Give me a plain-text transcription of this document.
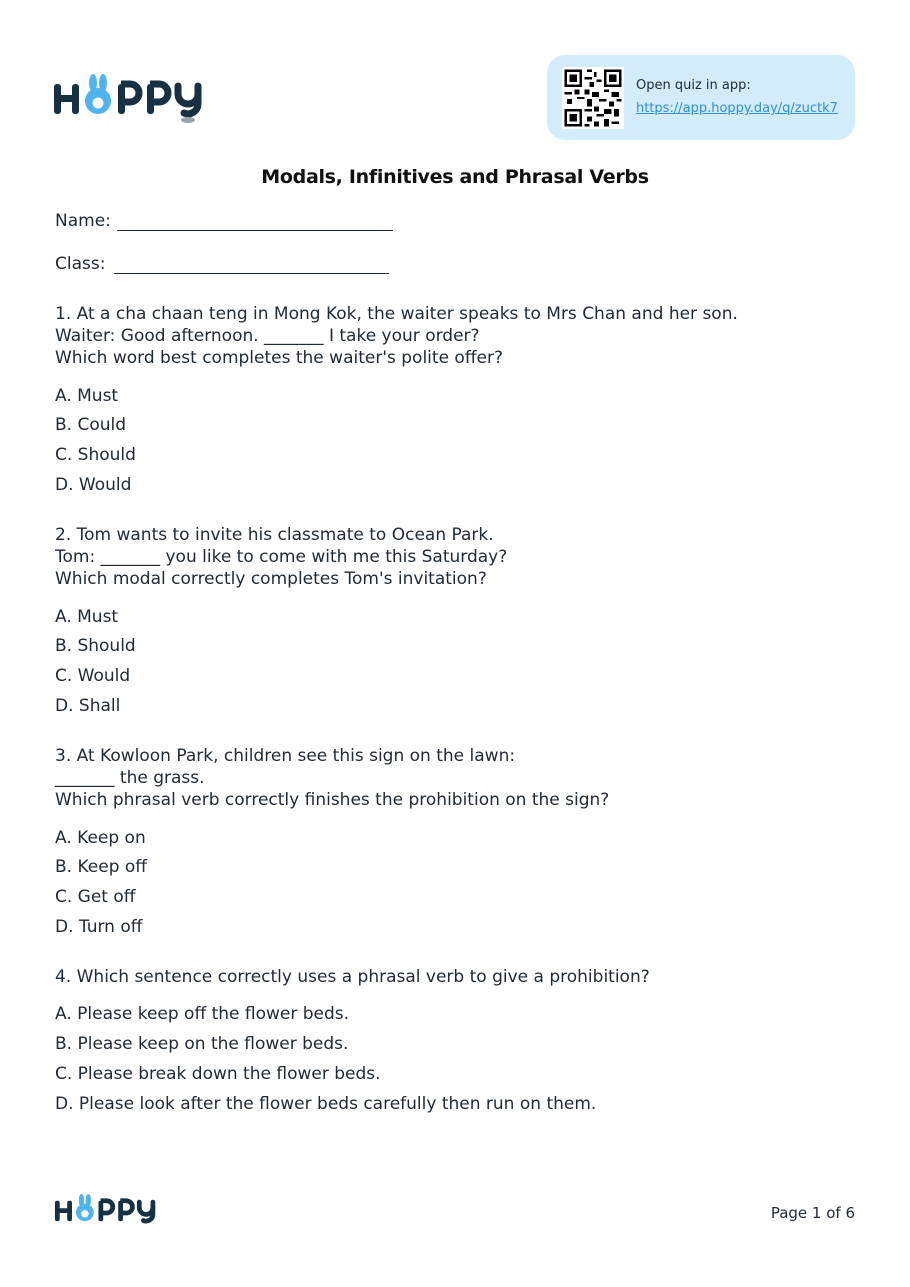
Open quiz in app:
https://app.hoppy.day/q/zuctk7
Modals, Infinitives and Phrasal Verbs
Name:
Class:
1. At a cha chaan teng in Mong Kok, the waiter speaks to Mrs Chan and her son.
Waiter: Good afternoon. _______ I take your order?
Which word best completes the waiter's polite offer?
A. Must
B. Could
C. Should
D. Would
2. Tom wants to invite his classmate to Ocean Park.
Tom: _______ you like to come with me this Saturday?
Which modal correctly completes Tom's invitation?
A. Must
B. Should
C. Would
D. Shall
3. At Kowloon Park, children see this sign on the lawn:
_______ the grass.
Which phrasal verb correctly finishes the prohibition on the sign?
A. Keep on
B. Keep off
C. Get off
D. Turn off
4. Which sentence correctly uses a phrasal verb to give a prohibition?
A. Please keep off the flower beds.
B. Please keep on the flower beds.
C. Please break down the flower beds.
D. Please look after the flower beds carefully then run on them.
Page 1 of 6
